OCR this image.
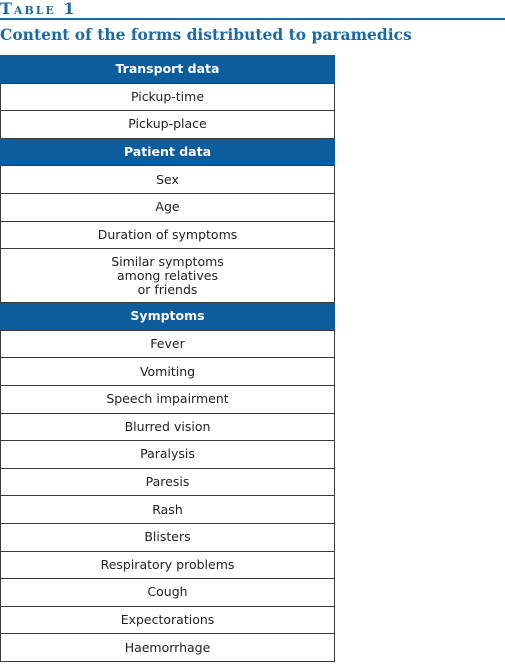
Table 1
Content of the forms distributed to paramedics
Transport data
Pickup-time
Pickup-place
Patient data
Sex
Age
Duration of symptoms
Similar symptoms
among relatives
or friends
Symptoms
Fever
Vomiting
Speech impairment
Blurred vision
Paralysis
Paresis
Rash
Blisters
Respiratory problems
Cough
Expectorations
Haemorrhage
